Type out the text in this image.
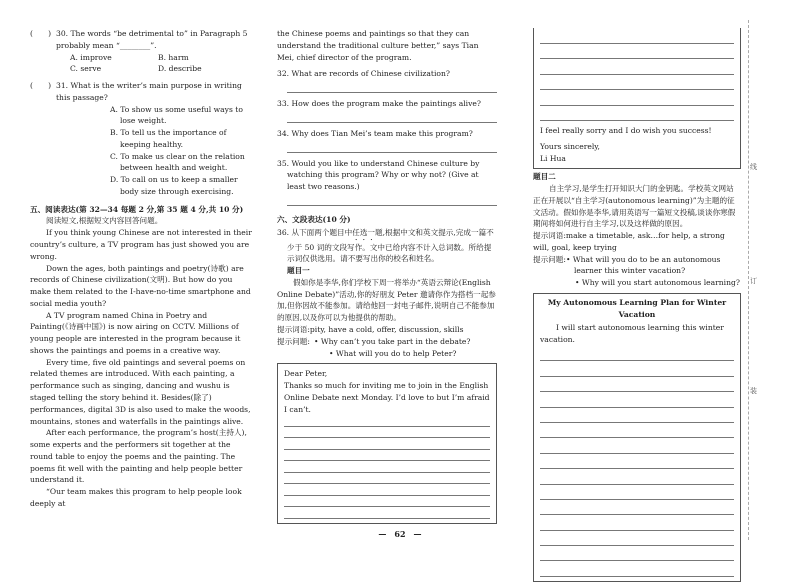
(　　) 30. The words “be detrimental to” in Paragraph 5 probably mean “________”.
A. improve	B. harm
C. serve	D. describe
(　　) 31. What is the writer’s main purpose in writing this passage?

A. To show us some useful ways to lose weight.

B. To tell us the importance of keeping healthy.

C. To make us clear on the relation between health and weight.

D. To call on us to keep a smaller body size through exercising.

五、阅读表达(第 32—34 每题 2 分,第 35 题 4 分,共 10 分)

阅读短文,根据短文内容回答问题。

If you think young Chinese are not interested in their country’s culture, a TV program has just showed you are wrong.

Down the ages, both paintings and poetry(诗歌) are records of Chinese civilization(文明). But how do you make them related to the I-have-no-time smartphone and social media youth?

A TV program named China in Poetry and Painting(《诗画中国》) is now airing on CCTV. Millions of young people are interested in the program because it shows the paintings and poems in a creative way.

Every time, five old paintings and several poems on related themes are introduced. With each painting, a performance such as singing, dancing and wushu is staged telling the story behind it. Besides(除了) performances, digital 3D is also used to make the woods, mountains, stones and waterfalls in the paintings alive.

After each performance, the program’s host(主持人), some experts and the performers sit together at the round table to enjoy the poems and the painting. The poems fit well with the painting and help people better understand it.

“Our team makes this program to help people look deeply at

the Chinese poems and paintings so that they can understand the traditional culture better,” says Tian Mei, chief director of the program.

32. What are records of Chinese civilization?

33. How does the program make the paintings alive?

34. Why does Tian Mei’s team make this program?

35. Would you like to understand Chinese culture by watching this program? Why or why not? (Give at least two reasons.)

六、文段表达(10 分)

36. 从下面两个题目中任选一题,根据中文和英文提示,完成一篇不少于 50 词的文段写作。文中已给内容不计入总词数。所给提示词仅供选用。请不要写出你的校名和姓名。

题目一

假如你是李华,你们学校下周一将举办“英语云辩论(English Online Debate)”活动,你的好朋友 Peter 邀请你作为搭档一起参加,但你因故不能参加。请给他回一封电子邮件,说明自己不能参加的原因,以及你可以为他提供的帮助。

提示词语:pity, have a cold, offer, discussion, skills

提示问题: • Why can’t you take part in the debate?

• What will you do to help Peter?

Dear Peter,

Thanks so much for inviting me to join in the English Online Debate next Monday. I’d love to but I’m afraid I can’t.

I feel really sorry and I do wish you success!

Yours sincerely,

Li Hua

题目二

自主学习,是学生打开知识大门的金钥匙。学校英文网站正在开展以“自主学习(autonomous learning)”为主题的征文活动。假如你是李华,请用英语写一篇短文投稿,谈谈你寒假期间将如何进行自主学习,以及这样做的原因。

提示词语:make a timetable, ask…for help, a strong will, goal, keep trying

提示问题: • What will you do to be an autonomous learner this winter vacation?

• Why will you start autonomous learning?

My Autonomous Learning Plan for Winter Vacation

I will start autonomous learning this winter vacation.

线
订
装
—　62　—
